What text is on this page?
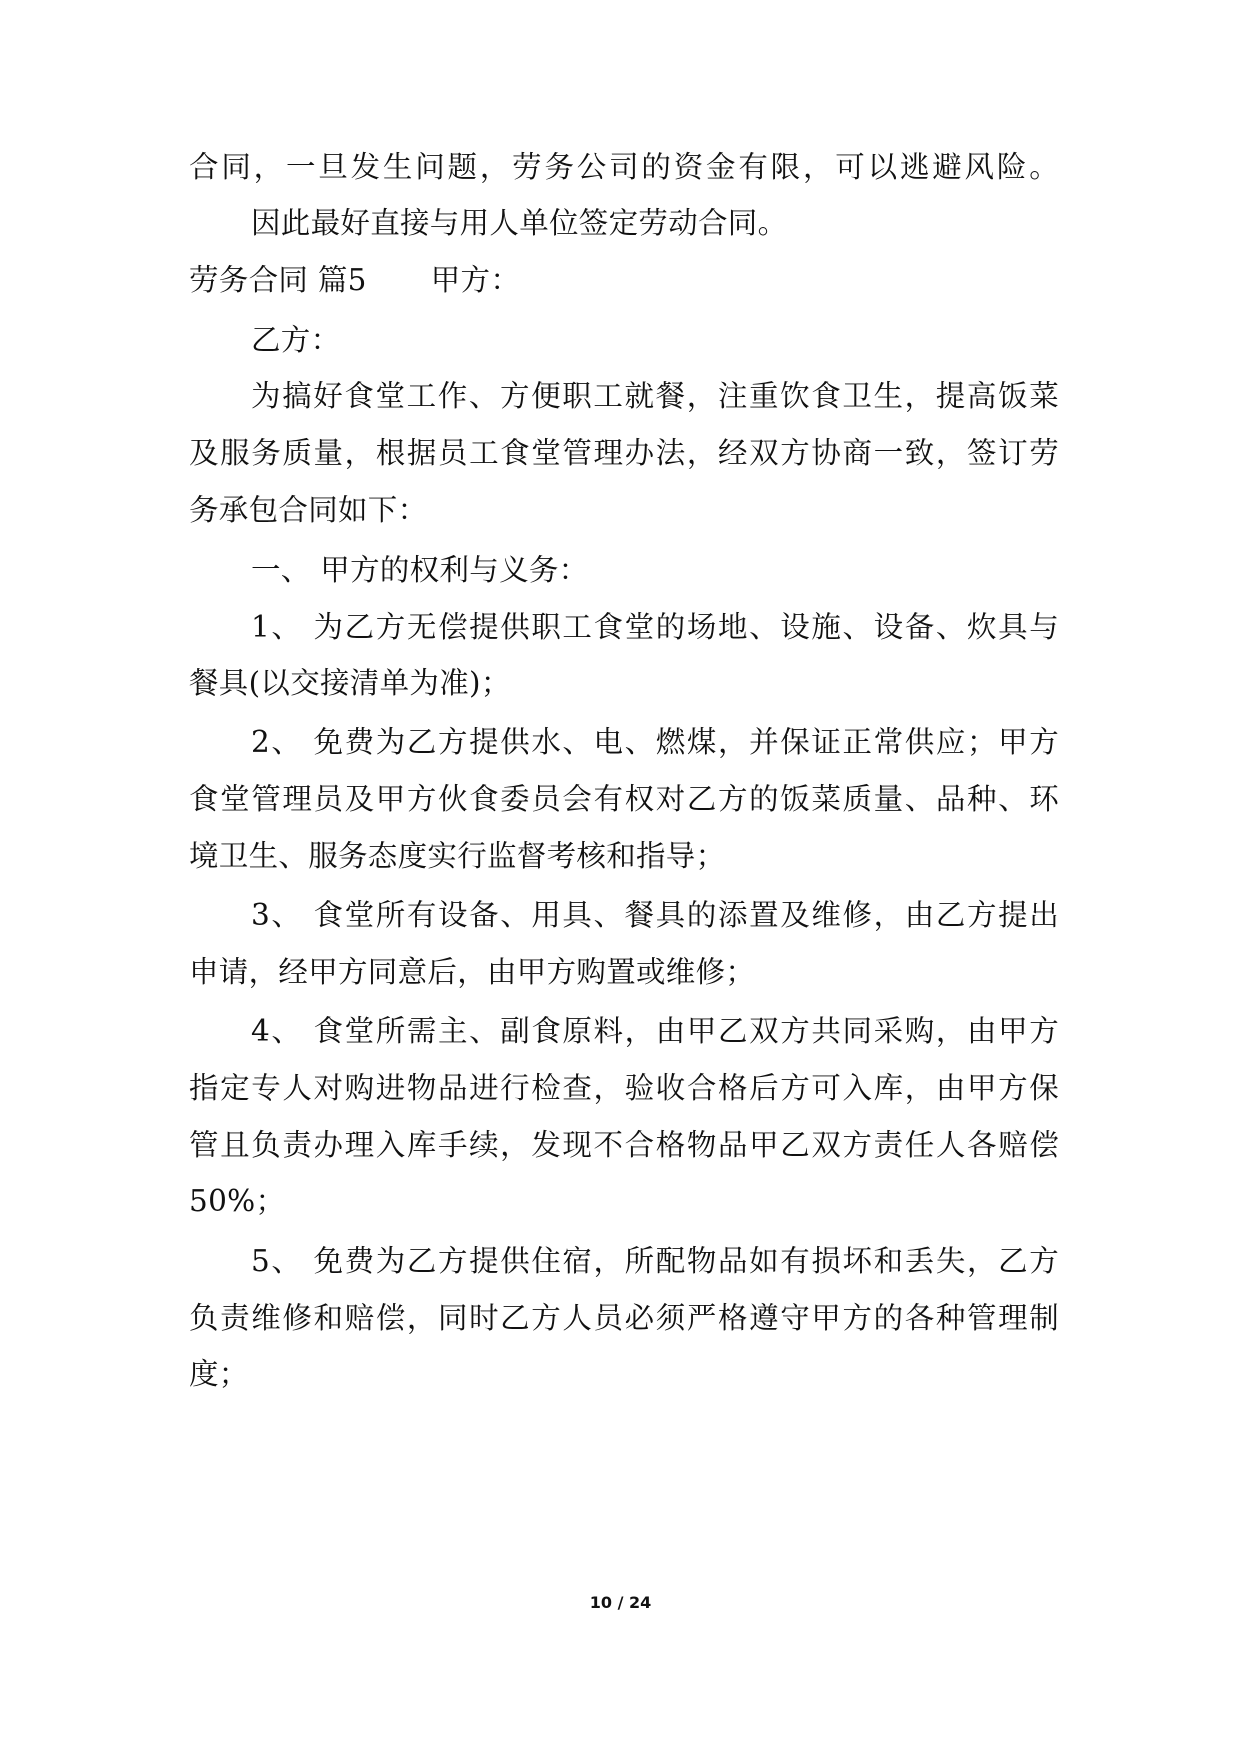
合同，一旦发生问题，劳务公司的资金有限，可以逃避风险。
因此最好直接与用人单位签定劳动合同。
劳务合同 篇5 甲方：
乙方：
为搞好食堂工作、方便职工就餐，注重饮食卫生，提高饭菜
及服务质量，根据员工食堂管理办法，经双方协商一致，签订劳
务承包合同如下：
一、 甲方的权利与义务：
1、 为乙方无偿提供职工食堂的场地、设施、设备、炊具与
餐具(以交接清单为准)；
2、 免费为乙方提供水、电、燃煤，并保证正常供应；甲方
食堂管理员及甲方伙食委员会有权对乙方的饭菜质量、品种、环
境卫生、服务态度实行监督考核和指导；
3、 食堂所有设备、用具、餐具的添置及维修，由乙方提出
申请，经甲方同意后，由甲方购置或维修；
4、 食堂所需主、副食原料，由甲乙双方共同采购，由甲方
指定专人对购进物品进行检查，验收合格后方可入库，由甲方保
管且负责办理入库手续，发现不合格物品甲乙双方责任人各赔偿
50%；
5、 免费为乙方提供住宿，所配物品如有损坏和丢失，乙方
负责维修和赔偿，同时乙方人员必须严格遵守甲方的各种管理制
度；
10 / 24
